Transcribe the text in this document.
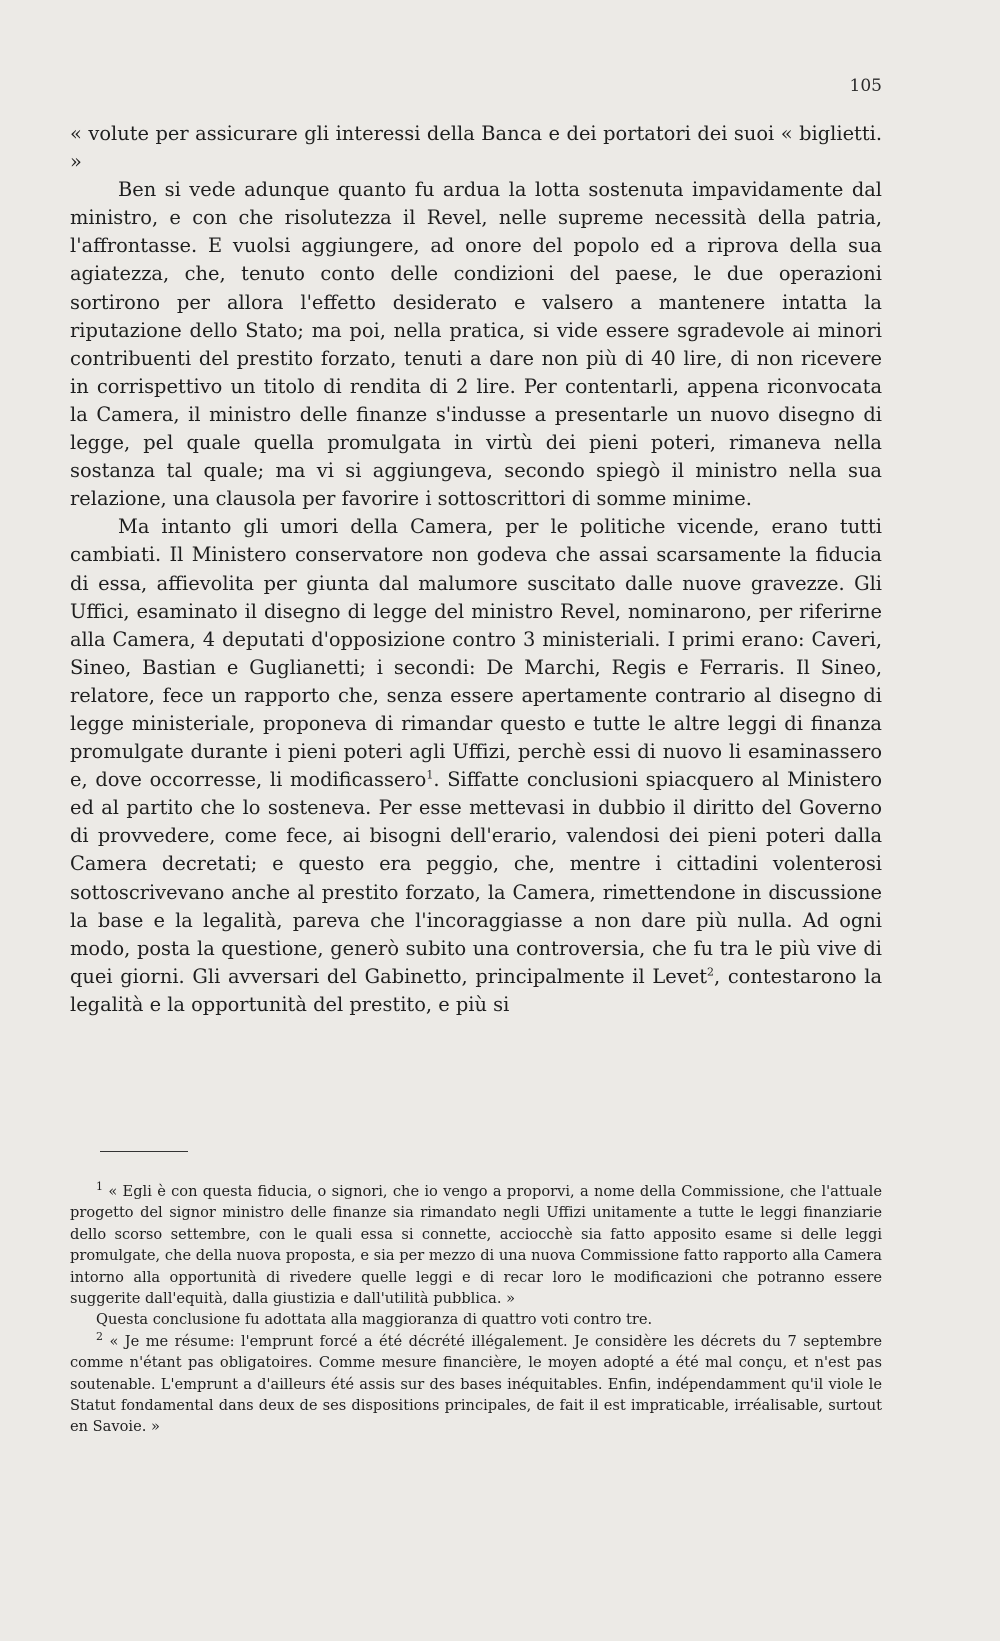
105

« volute per assicurare gli interessi della Banca e dei portatori dei suoi « biglietti. »

Ben si vede adunque quanto fu ardua la lotta sostenuta impavidamente dal ministro, e con che risolutezza il Revel, nelle supreme necessità della patria, l'affrontasse. E vuolsi aggiungere, ad onore del popolo ed a riprova della sua agiatezza, che, tenuto conto delle condizioni del paese, le due operazioni sortirono per allora l'effetto desiderato e valsero a mantenere intatta la riputazione dello Stato; ma poi, nella pratica, si vide essere sgradevole ai minori contribuenti del prestito forzato, tenuti a dare non più di 40 lire, di non ricevere in corrispettivo un titolo di rendita di 2 lire. Per contentarli, appena riconvocata la Camera, il ministro delle finanze s'indusse a presentarle un nuovo disegno di legge, pel quale quella promulgata in virtù dei pieni poteri, rimaneva nella sostanza tal quale; ma vi si aggiungeva, secondo spiegò il ministro nella sua relazione, una clausola per favorire i sottoscrittori di somme minime.

Ma intanto gli umori della Camera, per le politiche vicende, erano tutti cambiati. Il Ministero conservatore non godeva che assai scarsamente la fiducia di essa, affievolita per giunta dal malumore suscitato dalle nuove gravezze. Gli Uffici, esaminato il disegno di legge del ministro Revel, nominarono, per riferirne alla Camera, 4 deputati d'opposizione contro 3 ministeriali. I primi erano: Caveri, Sineo, Bastian e Guglianetti; i secondi: De Marchi, Regis e Ferraris. Il Sineo, relatore, fece un rapporto che, senza essere apertamente contrario al disegno di legge ministeriale, proponeva di rimandar questo e tutte le altre leggi di finanza promulgate durante i pieni poteri agli Uffizi, perchè essi di nuovo li esaminassero e, dove occorresse, li modificassero$^1$. Siffatte conclusioni spiacquero al Ministero ed al partito che lo sosteneva. Per esse mettevasi in dubbio il diritto del Governo di provvedere, come fece, ai bisogni dell'erario, valendosi dei pieni poteri dalla Camera decretati; e questo era peggio, che, mentre i cittadini volenterosi sottoscrivevano anche al prestito forzato, la Camera, rimettendone in discussione la base e la legalità, pareva che l'incoraggiasse a non dare più nulla. Ad ogni modo, posta la questione, generò subito una controversia, che fu tra le più vive di quei giorni. Gli avversari del Gabinetto, principalmente il Levet$^2$, contestarono la legalità e la opportunità del prestito, e più si

$^1$ « Egli è con questa fiducia, o signori, che io vengo a proporvi, a nome della Commissione, che l'attuale progetto del signor ministro delle finanze sia rimandato negli Uffizi unitamente a tutte le leggi finanziarie dello scorso settembre, con le quali essa si connette, acciocchè sia fatto apposito esame si delle leggi promulgate, che della nuova proposta, e sia per mezzo di una nuova Commissione fatto rapporto alla Camera intorno alla opportunità di rivedere quelle leggi e di recar loro le modificazioni che potranno essere suggerite dall'equità, dalla giustizia e dall'utilità pubblica. »

Questa conclusione fu adottata alla maggioranza di quattro voti contro tre.

$^2$ « Je me résume: l'emprunt forcé a été décrété illégalement. Je considère les décrets du 7 septembre comme n'étant pas obligatoires. Comme mesure financière, le moyen adopté a été mal conçu, et n'est pas soutenable. L'emprunt a d'ailleurs été assis sur des bases inéquitables. Enfin, indépendamment qu'il viole le Statut fondamental dans deux de ses dispositions principales, de fait il est impraticable, irréalisable, surtout en Savoie. »
